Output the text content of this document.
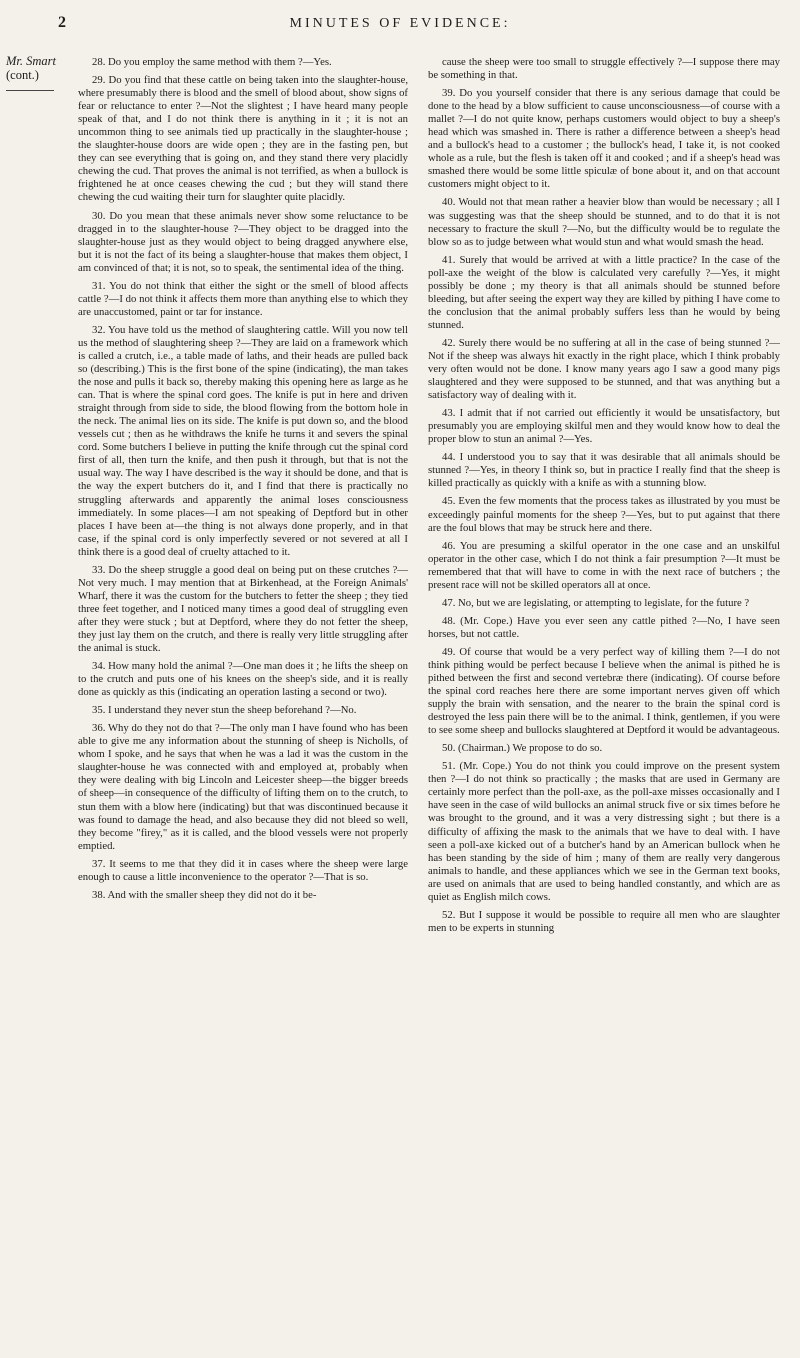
2	MINUTES OF EVIDENCE:
Mr. Smart
(cont.)

28. Do you employ the same method with them ?—Yes.

29. Do you find that these cattle on being taken into the slaughter-house, where presumably there is blood and the smell of blood about, show signs of fear or reluctance to enter ?—Not the slightest ; I have heard many people speak of that, and I do not think there is anything in it ; it is not an uncommon thing to see animals tied up practically in the slaughter-house ; the slaughter-house doors are wide open ; they are in the fasting pen, but they can see everything that is going on, and they stand there very placidly chewing the cud. That proves the animal is not terrified, as when a bullock is frightened he at once ceases chewing the cud ; but they will stand there chewing the cud waiting their turn for slaughter quite placidly.

30. Do you mean that these animals never show some reluctance to be dragged in to the slaughter-house ?—They object to be dragged into the slaughter-house just as they would object to being dragged anywhere else, but it is not the fact of its being a slaughter-house that makes them object, I am convinced of that; it is not, so to speak, the sentimental idea of the thing.

31. You do not think that either the sight or the smell of blood affects cattle ?—I do not think it affects them more than anything else to which they are unaccustomed, paint or tar for instance.

32. You have told us the method of slaughtering cattle. Will you now tell us the method of slaughtering sheep ?—They are laid on a framework which is called a crutch, i.e., a table made of laths, and their heads are pulled back so (describing.) This is the first bone of the spine (indicating), the man takes the nose and pulls it back so, thereby making this opening here as large as he can. That is where the spinal cord goes. The knife is put in here and driven straight through from side to side, the blood flowing from the bottom hole in the neck. The animal lies on its side. The knife is put down so, and the blood vessels cut ; then as he withdraws the knife he turns it and severs the spinal cord. Some butchers I believe in putting the knife through cut the spinal cord first of all, then turn the knife, and then push it through, but that is not the usual way. The way I have described is the way it should be done, and that is the way the expert butchers do it, and I find that there is practically no struggling afterwards and apparently the animal loses consciousness immediately. In some places—I am not speaking of Deptford but in other places I have been at—the thing is not always done properly, and in that case, if the spinal cord is only imperfectly severed or not severed at all I think there is a good deal of cruelty attached to it.

33. Do the sheep struggle a good deal on being put on these crutches ?—Not very much. I may mention that at Birkenhead, at the Foreign Animals' Wharf, there it was the custom for the butchers to fetter the sheep ; they tied three feet together, and I noticed many times a good deal of struggling even after they were stuck ; but at Deptford, where they do not fetter the sheep, they just lay them on the crutch, and there is really very little struggling after the animal is stuck.

34. How many hold the animal ?—One man does it ; he lifts the sheep on to the crutch and puts one of his knees on the sheep's side, and it is really done as quickly as this (indicating an operation lasting a second or two).

35. I understand they never stun the sheep beforehand ?—No.

36. Why do they not do that ?—The only man I have found who has been able to give me any information about the stunning of sheep is Nicholls, of whom I spoke, and he says that when he was a lad it was the custom in the slaughter-house he was connected with and employed at, probably when they were dealing with big Lincoln and Leicester sheep—the bigger breeds of sheep—in consequence of the difficulty of lifting them on to the crutch, to stun them with a blow here (indicating) but that was discontinued because it was found to damage the head, and also because they did not bleed so well, they become "firey," as it is called, and the blood vessels were not properly emptied.

37. It seems to me that they did it in cases where the sheep were large enough to cause a little inconvenience to the operator ?—That is so.

38. And with the smaller sheep they did not do it be-

cause the sheep were too small to struggle effectively ?—I suppose there may be something in that.

39. Do you yourself consider that there is any serious damage that could be done to the head by a blow sufficient to cause unconsciousness—of course with a mallet ?—I do not quite know, perhaps customers would object to buy a sheep's head which was smashed in. There is rather a difference between a sheep's head and a bullock's head to a customer ; the bullock's head, I take it, is not cooked whole as a rule, but the flesh is taken off it and cooked ; and if a sheep's head was smashed there would be some little spiculæ of bone about it, and on that account customers might object to it.

40. Would not that mean rather a heavier blow than would be necessary ; all I was suggesting was that the sheep should be stunned, and to do that it is not necessary to fracture the skull ?—No, but the difficulty would be to regulate the blow so as to judge between what would stun and what would smash the head.

41. Surely that would be arrived at with a little practice? In the case of the poll-axe the weight of the blow is calculated very carefully ?—Yes, it might possibly be done ; my theory is that all animals should be stunned before bleeding, but after seeing the expert way they are killed by pithing I have come to the conclusion that the animal probably suffers less than he would by being stunned.

42. Surely there would be no suffering at all in the case of being stunned ?—Not if the sheep was always hit exactly in the right place, which I think probably very often would not be done. I know many years ago I saw a good many pigs slaughtered and they were supposed to be stunned, and that was anything but a satisfactory way of dealing with it.

43. I admit that if not carried out efficiently it would be unsatisfactory, but presumably you are employing skilful men and they would know how to deal the proper blow to stun an animal ?—Yes.

44. I understood you to say that it was desirable that all animals should be stunned ?—Yes, in theory I think so, but in practice I really find that the sheep is killed practically as quickly with a knife as with a stunning blow.

45. Even the few moments that the process takes as illustrated by you must be exceedingly painful moments for the sheep ?—Yes, but to put against that there are the foul blows that may be struck here and there.

46. You are presuming a skilful operator in the one case and an unskilful operator in the other case, which I do not think a fair presumption ?—It must be remembered that that will have to come in with the next race of butchers ; the present race will not be skilled operators all at once.

47. No, but we are legislating, or attempting to legislate, for the future ?

48. (Mr. Cope.) Have you ever seen any cattle pithed ?—No, I have seen horses, but not cattle.

49. Of course that would be a very perfect way of killing them ?—I do not think pithing would be perfect because I believe when the animal is pithed he is pithed between the first and second vertebræ there (indicating). Of course before the spinal cord reaches here there are some important nerves given off which supply the brain with sensation, and the nearer to the brain the spinal cord is destroyed the less pain there will be to the animal. I think, gentlemen, if you were to see some sheep and bullocks slaughtered at Deptford it would be advantageous.

50. (Chairman.) We propose to do so.

51. (Mr. Cope.) You do not think you could improve on the present system then ?—I do not think so practically ; the masks that are used in Germany are certainly more perfect than the poll-axe, as the poll-axe misses occasionally and I have seen in the case of wild bullocks an animal struck five or six times before he was brought to the ground, and it was a very distressing sight ; but there is a difficulty of affixing the mask to the animals that we have to deal with. I have seen a poll-axe kicked out of a butcher's hand by an American bullock when he has been standing by the side of him ; many of them are really very dangerous animals to handle, and these appliances which we see in the German text books, are used on animals that are used to being handled constantly, and which are as quiet as English milch cows.

52. But I suppose it would be possible to require all men who are slaughter men to be experts in stunning
